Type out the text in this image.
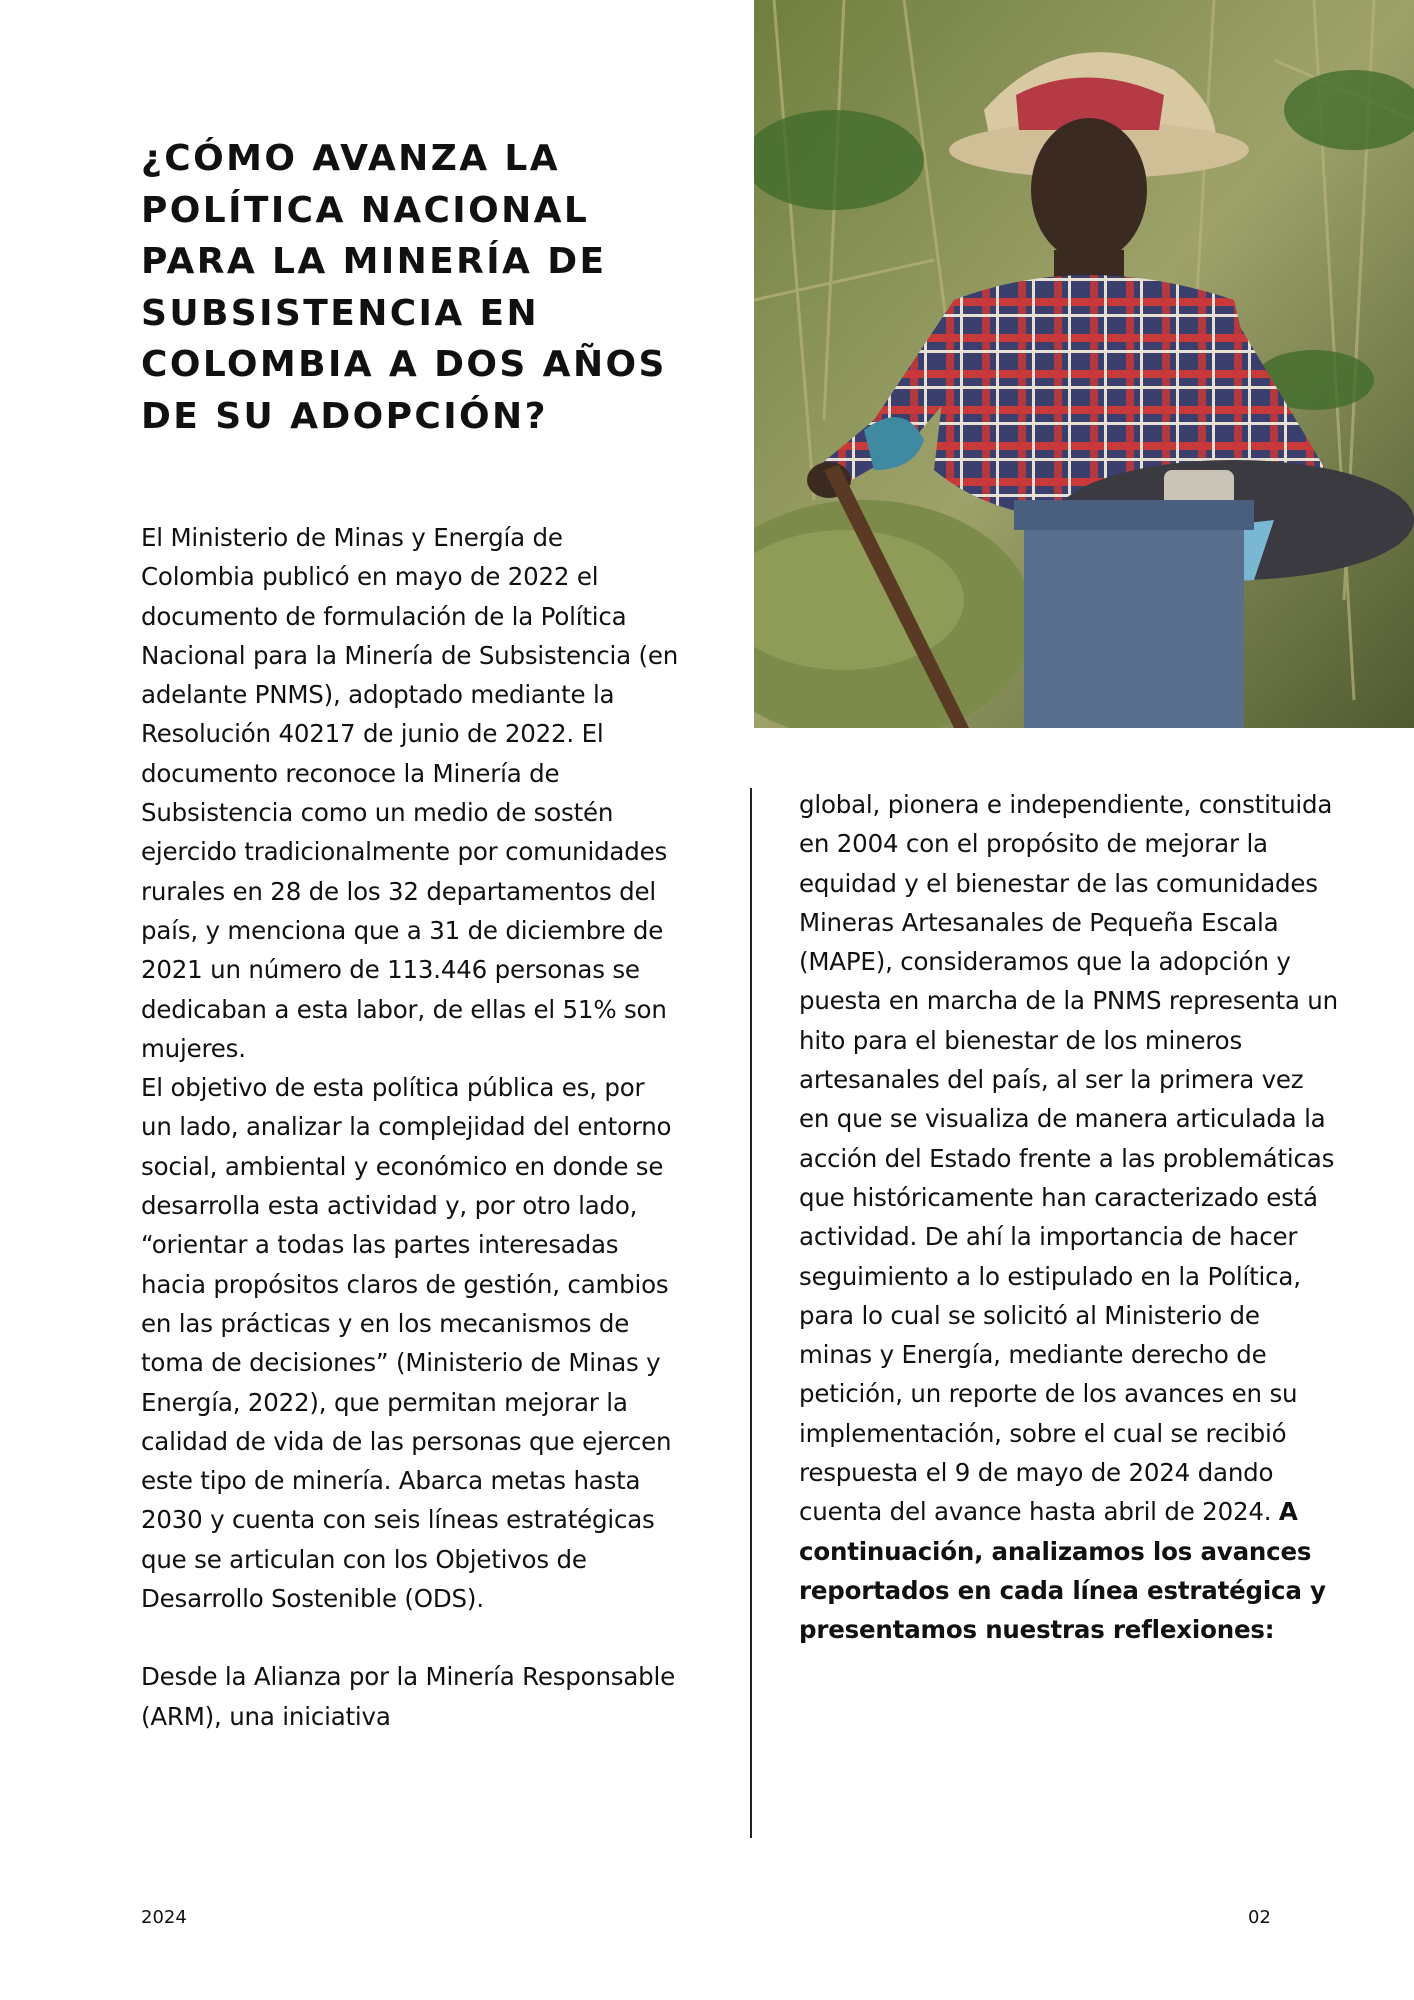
¿CÓMO AVANZA LA POLÍTICA NACIONAL PARA LA MINERÍA DE SUBSISTENCIA EN COLOMBIA A DOS AÑOS DE SU ADOPCIÓN?

El Ministerio de Minas y Energía de Colombia publicó en mayo de 2022 el documento de formulación de la Política Nacional para la Minería de Subsistencia (en adelante PNMS), adoptado mediante la Resolución 40217 de junio de 2022. El documento reconoce la Minería de Subsistencia como un medio de sostén ejercido tradicionalmente por comunidades rurales en 28 de los 32 departamentos del país, y menciona que a 31 de diciembre de 2021 un número de 113.446 personas se dedicaban a esta labor, de ellas el 51% son mujeres.

El objetivo de esta política pública es, por un lado, analizar la complejidad del entorno social, ambiental y económico en donde se desarrolla esta actividad y, por otro lado, “orientar a todas las partes interesadas hacia propósitos claros de gestión, cambios en las prácticas y en los mecanismos de toma de decisiones” (Ministerio de Minas y Energía, 2022), que permitan mejorar la calidad de vida de las personas que ejercen este tipo de minería. Abarca metas hasta 2030 y cuenta con seis líneas estratégicas que se articulan con los Objetivos de Desarrollo Sostenible (ODS).

Desde la Alianza por la Minería Responsable (ARM), una iniciativa

global, pionera e independiente, constituida en 2004 con el propósito de mejorar la equidad y el bienestar de las comunidades Mineras Artesanales de Pequeña Escala (MAPE), consideramos que la adopción y puesta en marcha de la PNMS representa un hito para el bienestar de los mineros artesanales del país, al ser la primera vez en que se visualiza de manera articulada la acción del Estado frente a las problemáticas que históricamente han caracterizado está actividad. De ahí la importancia de hacer seguimiento a lo estipulado en la Política, para lo cual se solicitó al Ministerio de minas y Energía, mediante derecho de petición, un reporte de los avances en su implementación, sobre el cual se recibió respuesta el 9 de mayo de 2024 dando cuenta del avance hasta abril de 2024. A continuación, analizamos los avances reportados en cada línea estratégica y presentamos nuestras reflexiones:

2024	02
